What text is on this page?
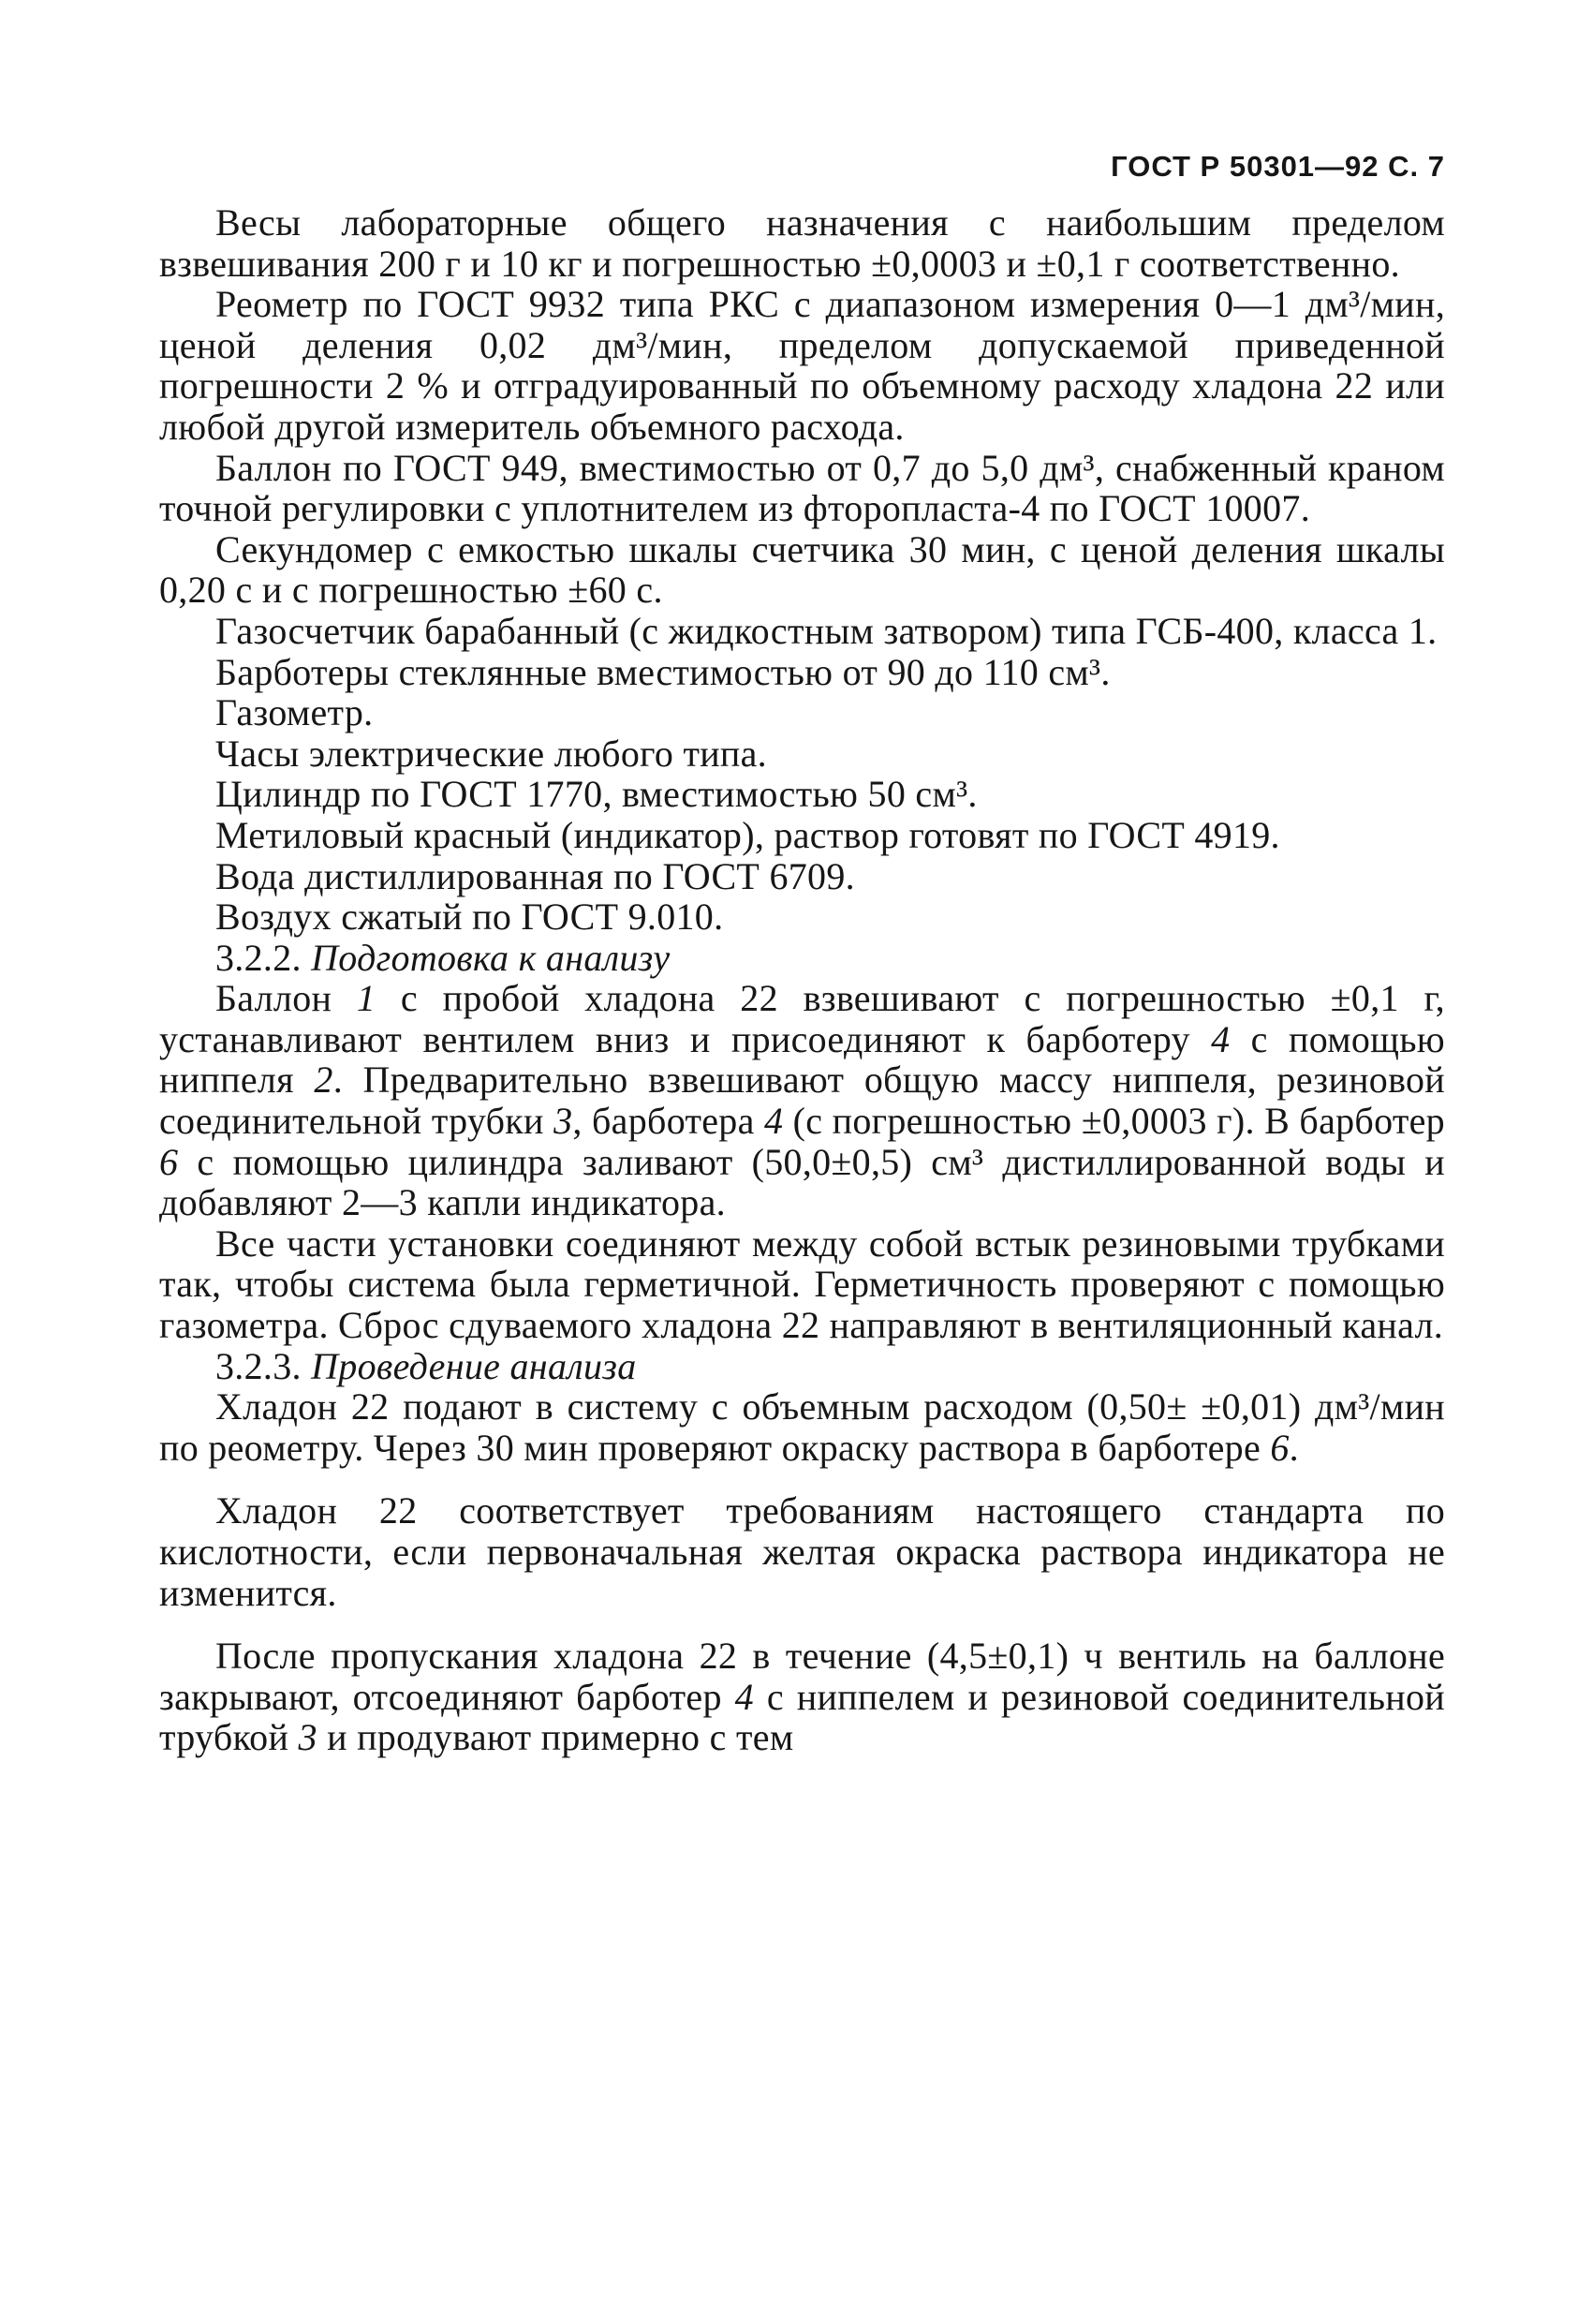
ГОСТ Р 50301—92 С. 7

Весы лабораторные общего назначения с наибольшим пределом взвешивания 200 г и 10 кг и погрешностью ±0,0003 и ±0,1 г соответственно.

Реометр по ГОСТ 9932 типа РКС с диапазоном измерения 0—1 дм³/мин, ценой деления 0,02 дм³/мин, пределом допускаемой приведенной погрешности 2 % и отградуированный по объемному расходу хладона 22 или любой другой измеритель объемного расхода.

Баллон по ГОСТ 949, вместимостью от 0,7 до 5,0 дм³, снабженный краном точной регулировки с уплотнителем из фторопласта-4 по ГОСТ 10007.

Секундомер с емкостью шкалы счетчика 30 мин, с ценой деления шкалы 0,20 с и с погрешностью ±60 с.

Газосчетчик барабанный (с жидкостным затвором) типа ГСБ-400, класса 1.

Барботеры стеклянные вместимостью от 90 до 110 см³.

Газометр.

Часы электрические любого типа.

Цилиндр по ГОСТ 1770, вместимостью 50 см³.

Метиловый красный (индикатор), раствор готовят по ГОСТ 4919.

Вода дистиллированная по ГОСТ 6709.

Воздух сжатый по ГОСТ 9.010.

3.2.2. Подготовка к анализу

Баллон 1 с пробой хладона 22 взвешивают с погрешностью ±0,1 г, устанавливают вентилем вниз и присоединяют к барботеру 4 с помощью ниппеля 2. Предварительно взвешивают общую массу ниппеля, резиновой соединительной трубки 3, барботера 4 (с погрешностью ±0,0003 г). В барботер 6 с помощью цилиндра заливают (50,0±0,5) см³ дистиллированной воды и добавляют 2—3 капли индикатора.

Все части установки соединяют между собой встык резиновыми трубками так, чтобы система была герметичной. Герметичность проверяют с помощью газометра. Сброс сдуваемого хладона 22 направляют в вентиляционный канал.

3.2.3. Проведение анализа

Хладон 22 подают в систему с объемным расходом (0,50± ±0,01) дм³/мин по реометру. Через 30 мин проверяют окраску раствора в барботере 6.

Хладон 22 соответствует требованиям настоящего стандарта по кислотности, если первоначальная желтая окраска раствора индикатора не изменится.

После пропускания хладона 22 в течение (4,5±0,1) ч вентиль на баллоне закрывают, отсоединяют барботер 4 с ниппелем и резиновой соединительной трубкой 3 и продувают примерно с тем
